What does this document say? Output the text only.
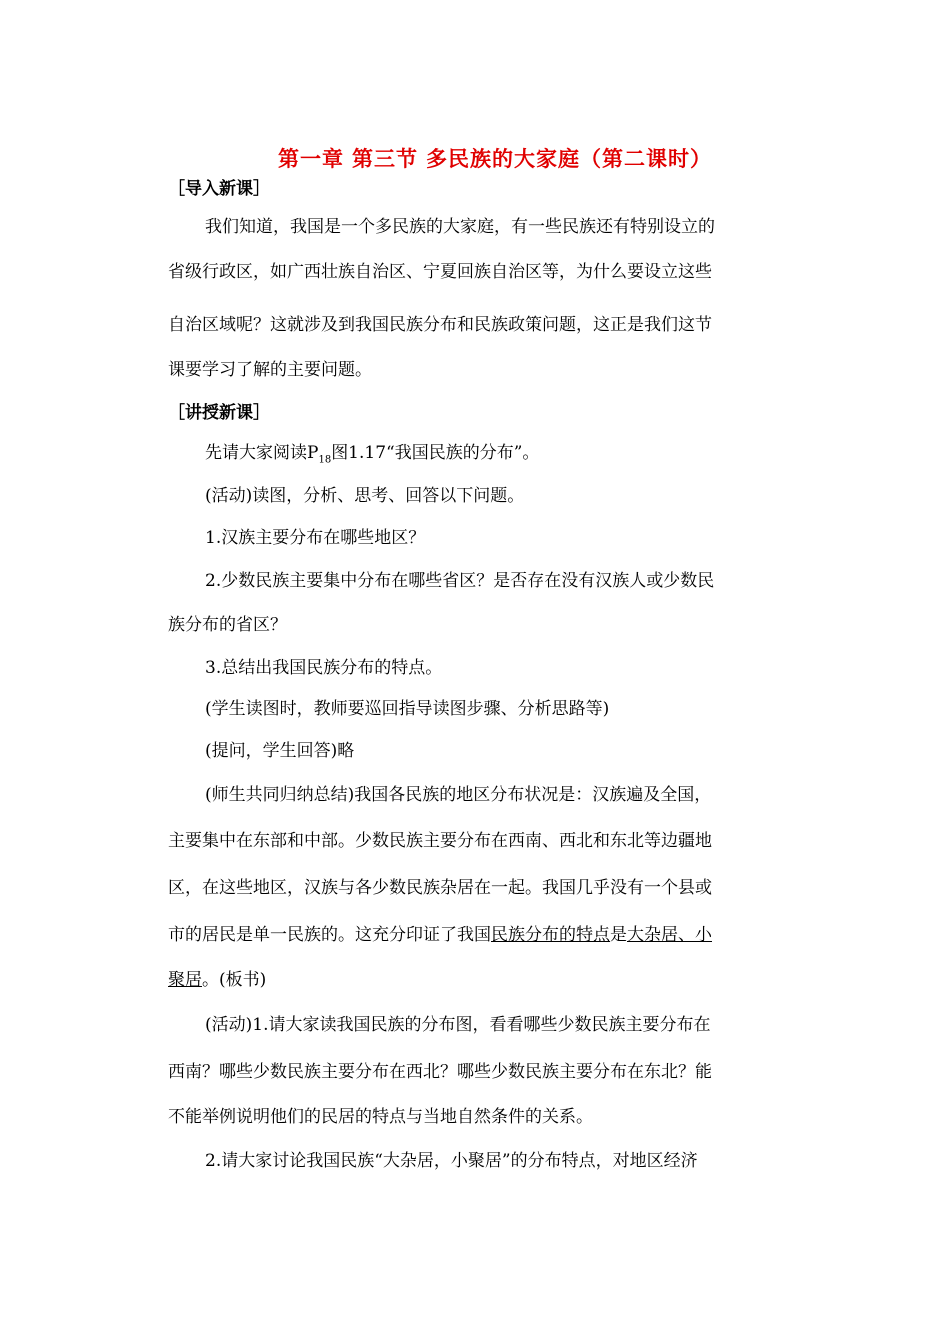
第一章 第三节 多民族的大家庭（第二课时）
［导入新课］
我们知道，我国是一个多民族的大家庭，有一些民族还有特别设立的
省级行政区，如广西壮族自治区、宁夏回族自治区等，为什么要设立这些
自治区域呢？这就涉及到我国民族分布和民族政策问题，这正是我们这节
课要学习了解的主要问题。
［讲授新课］
先请大家阅读$P_{18}$图1.17“我国民族的分布”。
(活动)读图，分析、思考、回答以下问题。
1.汉族主要分布在哪些地区？
2.少数民族主要集中分布在哪些省区？是否存在没有汉族人或少数民
族分布的省区？
3.总结出我国民族分布的特点。
(学生读图时，教师要巡回指导读图步骤、分析思路等)
(提问，学生回答)略
(师生共同归纳总结)我国各民族的地区分布状况是：汉族遍及全国，
主要集中在东部和中部。少数民族主要分布在西南、西北和东北等边疆地
区，在这些地区，汉族与各少数民族杂居在一起。我国几乎没有一个县或
市的居民是单一民族的。这充分印证了我国民族分布的特点是大杂居、小
聚居。(板书)
(活动)1.请大家读我国民族的分布图，看看哪些少数民族主要分布在
西南？哪些少数民族主要分布在西北？哪些少数民族主要分布在东北？能
不能举例说明他们的民居的特点与当地自然条件的关系。
2.请大家讨论我国民族“大杂居，小聚居”的分布特点，对地区经济
